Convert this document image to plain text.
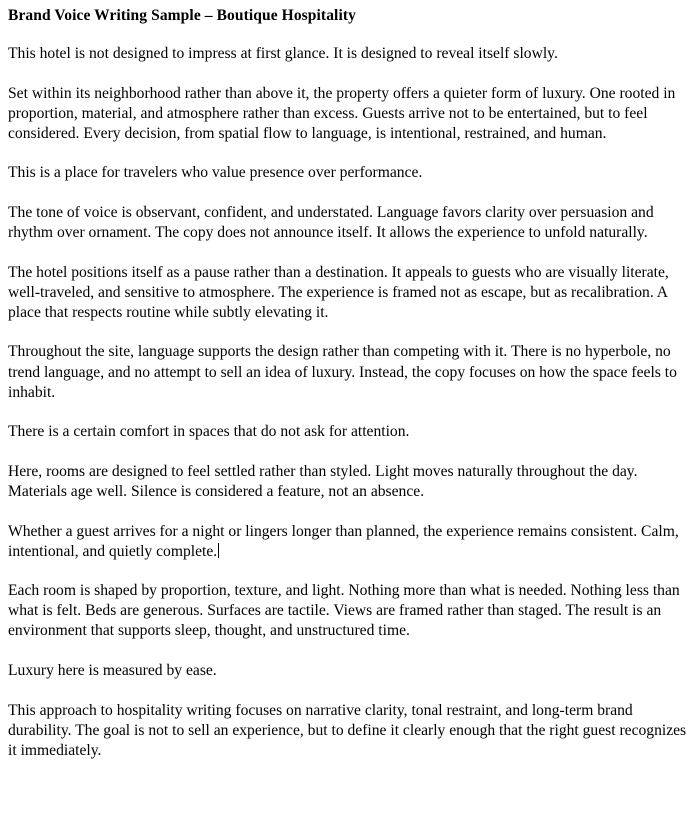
Brand Voice Writing Sample – Boutique Hospitality

This hotel is not designed to impress at first glance. It is designed to reveal itself slowly.

Set within its neighborhood rather than above it, the property offers a quieter form of luxury. One rooted in proportion, material, and atmosphere rather than excess. Guests arrive not to be entertained, but to feel considered. Every decision, from spatial flow to language, is intentional, restrained, and human.

This is a place for travelers who value presence over performance.

The tone of voice is observant, confident, and understated. Language favors clarity over persuasion and rhythm over ornament. The copy does not announce itself. It allows the experience to unfold naturally.

The hotel positions itself as a pause rather than a destination. It appeals to guests who are visually literate, well-traveled, and sensitive to atmosphere. The experience is framed not as escape, but as recalibration. A place that respects routine while subtly elevating it.

Throughout the site, language supports the design rather than competing with it. There is no hyperbole, no trend language, and no attempt to sell an idea of luxury. Instead, the copy focuses on how the space feels to inhabit.

There is a certain comfort in spaces that do not ask for attention.

Here, rooms are designed to feel settled rather than styled. Light moves naturally throughout the day. Materials age well. Silence is considered a feature, not an absence.

Whether a guest arrives for a night or lingers longer than planned, the experience remains consistent. Calm, intentional, and quietly complete.

Each room is shaped by proportion, texture, and light. Nothing more than what is needed. Nothing less than what is felt. Beds are generous. Surfaces are tactile. Views are framed rather than staged. The result is an environment that supports sleep, thought, and unstructured time.

Luxury here is measured by ease.

This approach to hospitality writing focuses on narrative clarity, tonal restraint, and long-term brand durability. The goal is not to sell an experience, but to define it clearly enough that the right guest recognizes it immediately.
